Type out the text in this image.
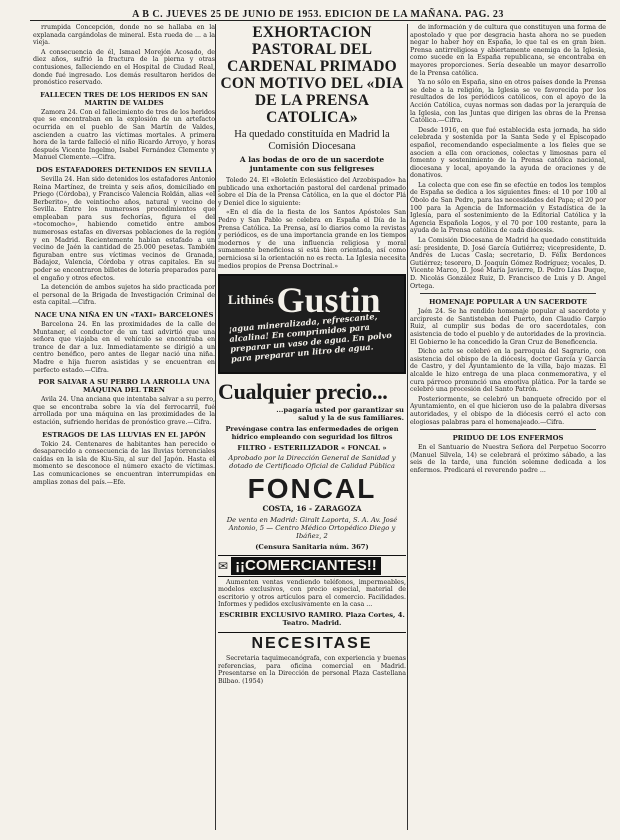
A B C. JUEVES 25 DE JUNIO DE 1953. EDICION DE LA MAÑANA. PAG. 23

rrumpida Concepción, donde no se hallaba en la explanada cargándolas de mineral. Esta rueda de ... a la vieja.

A consecuencia de él, Ismael Morejón Acosado, de diez años, sufrió la fractura de la pierna y otras contusiones, falleciendo en el Hospital de Ciudad Real, donde fué ingresado. Los demás resultaron heridos de pronóstico reservado.

FALLECEN TRES DE LOS HERIDOS EN SAN MARTIN DE VALDES

Zamora 24. Con el fallecimiento de tres de los heridos que se encontraban en la explosión de un artefacto ocurrida en el pueblo de San Martín de Valdes, ascienden a cuatro las víctimas mortales. A primera hora de la tarde falleció el niño Ricardo Arroyo, y horas después Vicente Ingelmo, Isabel Fernández Clemente y Manuel Clemente.—Cifra.

DOS ESTAFADORES DETENIDOS EN SEVILLA

Sevilla 24. Han sido detenidos los estafadores Antonio Reina Martínez, de treinta y seis años, domiciliado en Priego (Córdoba), y Francisco Valencia Roldán, alias «el Berberito», de veintiocho años, natural y vecino de Sevilla. Entre los numerosos procedimientos que empleaban para sus fechorías, figura el del «tocomocho», habiendo cometido entre ambos numerosas estafas en diversas poblaciones de la región y en Madrid. Recientemente habían estafado a un vecino de Jaén la cantidad de 25.000 pesetas. También figuraban entre sus víctimas vecinos de Granada, Badajoz, Valencia, Córdoba y otras capitales. En su poder se encontraron billetes de lotería preparados para el engaño y otros efectos.

La detención de ambos sujetos ha sido practicada por el personal de la Brigada de Investigación Criminal de esta capital.—Cifra.

NACE UNA NIÑA EN UN «TAXI» BARCELONÉS

Barcelona 24. En las proximidades de la calle de Muntaner, el conductor de un taxi advirtió que una señora que viajaba en el vehículo se encontraba en trance de dar a luz. Inmediatamente se dirigió a un centro benéfico, pero antes de llegar nació una niña. Madre e hija fueron asistidas y se encuentran en perfecto estado.—Cifra.

POR SALVAR A SU PERRO LA ARROLLA UNA MÁQUINA DEL TREN

Avila 24. Una anciana que intentaba salvar a su perro, que se encontraba sobre la vía del ferrocarril, fué arrollada por una máquina en las proximidades de la estación, sufriendo heridas de pronóstico grave.—Cifra.

ESTRAGOS DE LAS LLUVIAS EN EL JAPÓN

Tokio 24. Centenares de habitantes han perecido o desaparecido a consecuencia de las lluvias torrenciales caídas en la isla de Kiu-Siu, al sur del Japón. Hasta el momento se desconoce el número exacto de víctimas. Las comunicaciones se encuentran interrumpidas en amplias zonas del país.—Efe.

EXHORTACION PASTORAL DEL CARDENAL PRIMADO CON MOTIVO DEL «DIA DE LA PRENSA CATOLICA»
Ha quedado constituída en Madrid la Comisión Diocesana
A las bodas de oro de un sacerdote juntamente con sus feligreses

Toledo 24. El «Boletín Eclesiástico del Arzobispado» ha publicado una exhortación pastoral del cardenal primado sobre el Día de la Prensa Católica, en la que el doctor Plá y Deniel dice lo siguiente:

«En el día de la fiesta de los Santos Apóstoles San Pedro y San Pablo se celebra en España el Día de la Prensa Católica. La Prensa, así lo diarios como la revistas y periódicos, es de una importancia grande en los tiempos modernos y de una influencia religiosa y moral sumamente beneficiosa si está bien orientada, así como perniciosa si la orientación no es recta. La Iglesia necesita medios propios de Prensa Doctrinal.»

$^{Lithinés}$Gustin
¡agua mineralizada, refrescante, alcalina! En comprimidos para preparar un vaso de agua. En polvo para preparar un litro de agua.
Cualquier precio...
...pagaría usted por garantizar su salud y la de sus familiares.
Prevéngase contra las enfermedades de origen hídrico empleando con seguridad los filtros
FILTRO - ESTERILIZADOR « FONCAL »
Aprobado por la Dirección General de Sanidad y dotado de Certificado Oficial de Calidad Pública
FONCAL
COSTA, 16 - ZARAGOZA
De venta en Madrid: Giralt Laporta, S. A. Av. José Antonio, 5 — Centro Médico Ortopédico Diego y Ibáñez, 2
(Censura Sanitaria núm. 367)
✉ ¡¡COMERCIANTES!!

Aumenten ventas vendiendo teléfonos, impermeables, modelos exclusivos, con precio especial, material de escritorio y otros artículos para el comercio. Facilidades. Informes y pedidos exclusivamente en la casa ...

ESCRIBIR EXCLUSIVO RAMIRO. Plaza Cortes, 4. Teatro. Madrid.
NECESITASE

Secretaria taquimecanógrafa, con experiencia y buenas referencias, para oficina comercial en Madrid. Presentarse en la Dirección de personal Plaza Castellana Bilbao. (1954)

de información y de cultura que constituyen una forma de apostolado y que por desgracia hasta ahora no se pueden negar lo haber hoy en España, lo que tal es en gran bien. Prensa antirreligiosa y abiertamente enemiga de la Iglesia, como sucede en la España republicana, se encontraba en mayores proporciones. Sería deseable un mayor desarrollo de la Prensa católica.

Ya no sólo en España, sino en otros países donde la Prensa se debe a la religión, la Iglesia se ve favorecida por los resultados de los periódicos católicos, con el apoyo de la Acción Católica, cuyas normas son dadas por la jerarquía de la Iglesia, con las Juntas que dirigen las obras de la Prensa Católica.—Cifra.

Desde 1916, en que fué establecida esta jornada, ha sido celebrada y sostenida por la Santa Sede y el Episcopado español, recomendando especialmente a los fieles que se asocien a ella con oraciones, colectas y limosnas para el fomento y sostenimiento de la Prensa católica nacional, diocesana y local, apoyando la ayuda de oraciones y de donativos.

La colecta que con ese fin se efectúe en todos los templos de España se dedica a los siguientes fines: el 10 por 100 al Óbolo de San Pedro, para las necesidades del Papa; el 20 por 100 para la Agencia de Información y Estadística de la Iglesia, para el sostenimiento de la Editorial Católica y la Agencia Española Logos, y el 70 por 100 restante, para la ayuda de la Prensa católica de cada diócesis.

La Comisión Diocesana de Madrid ha quedado constituida así: presidente, D. José García Gutiérrez; vicepresidente, D. Andrés de Lucas Casla; secretario, D. Félix Berdonces Gutiérrez; tesorero, D. Joaquín Gómez Rodríguez; vocales, D. Vicente Marco, D. José María Javierre, D. Pedro Lías Duque, D. Nicolás González Ruiz, D. Francisco de Luis y D. Angel Ortega.

HOMENAJE POPULAR A UN SACERDOTE

Jaén 24. Se ha rendido homenaje popular al sacerdote y arcipreste de Santisteban del Puerto, don Claudio Carpio Ruiz, al cumplir sus bodas de oro sacerdotales, con asistencia de todo el pueblo y de autoridades de la provincia. El Gobierno le ha concedido la Gran Cruz de Beneficencia.

Dicho acto se celebró en la parroquia del Sagrario, con asistencia del obispo de la diócesis, doctor García y García de Castro, y del Ayuntamiento de la villa, bajo mazas. El alcalde le hizo entrega de una placa conmemorativa, y el cura párroco pronunció una emotiva plática. Por la tarde se celebró una procesión del Santo Patrón.

Posteriormente, se celebró un banquete ofrecido por el Ayuntamiento, en el que hicieron uso de la palabra diversas autoridades, y el obispo de la diócesis cerró el acto con elogiosas palabras para el homenajeado.—Cifra.

PRIDUO DE LOS ENFERMOS

En el Santuario de Nuestra Señora del Perpetuo Socorro (Manuel Silvela, 14) se celebrará el próximo sábado, a las seis de la tarde, una función solemne dedicada a los enfermos. Predicará el reverendo padre ...
